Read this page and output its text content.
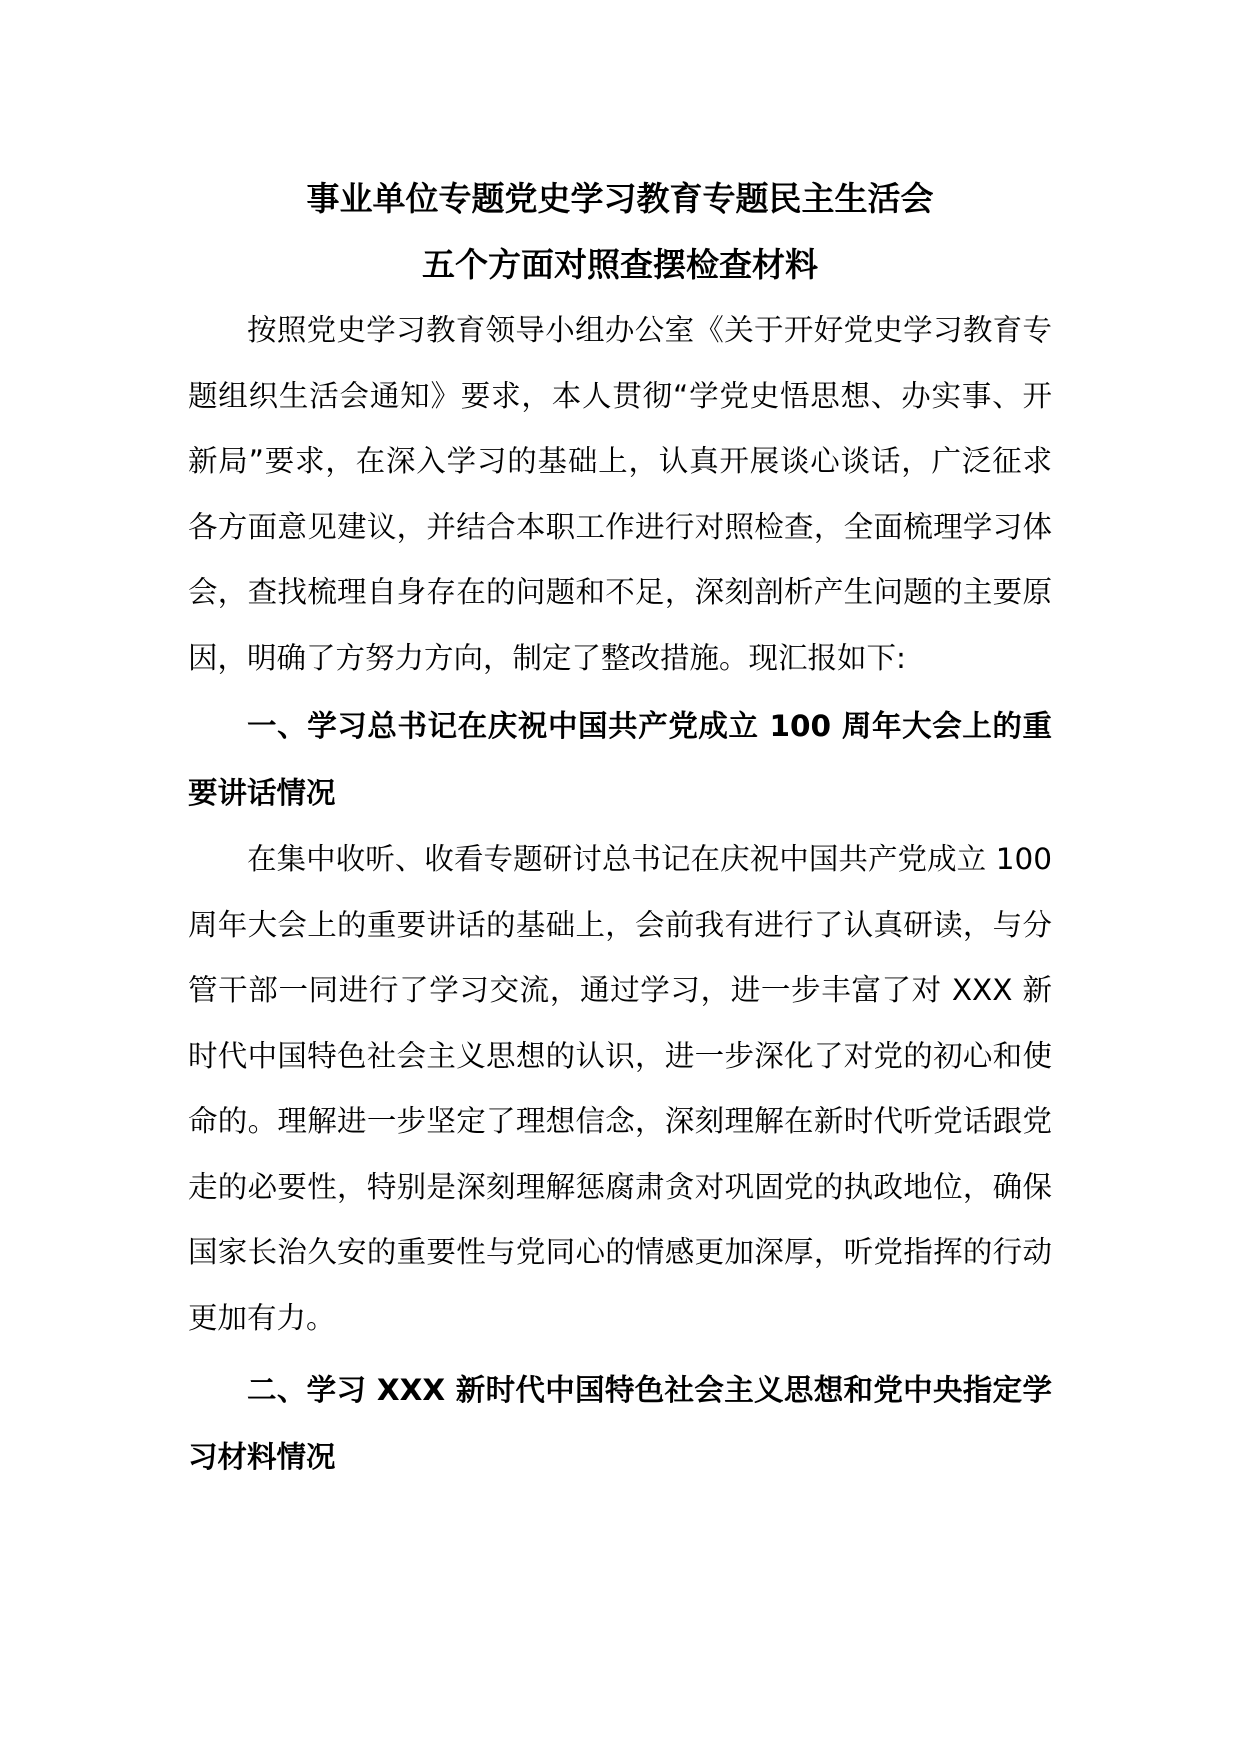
事业单位专题党史学习教育专题民主生活会
五个方面对照查摆检查材料

按照党史学习教育领导小组办公室《关于开好党史学习教育专题组织生活会通知》要求，本人贯彻“学党史悟思想、办实事、开新局”要求，在深入学习的基础上，认真开展谈心谈话，广泛征求各方面意见建议，并结合本职工作进行对照检查，全面梳理学习体会，查找梳理自身存在的问题和不足，深刻剖析产生问题的主要原因，明确了方努力方向，制定了整改措施。现汇报如下:

一、学习总书记在庆祝中国共产党成立 100 周年大会上的重要讲话情况

在集中收听、收看专题研讨总书记在庆祝中国共产党成立 100 周年大会上的重要讲话的基础上，会前我有进行了认真研读，与分管干部一同进行了学习交流，通过学习，进一步丰富了对 XXX 新时代中国特色社会主义思想的认识，进一步深化了对党的初心和使命的。理解进一步坚定了理想信念，深刻理解在新时代听党话跟党走的必要性，特别是深刻理解惩腐肃贪对巩固党的执政地位，确保国家长治久安的重要性与党同心的情感更加深厚，听党指挥的行动更加有力。

二、学习 XXX 新时代中国特色社会主义思想和党中央指定学习材料情况
